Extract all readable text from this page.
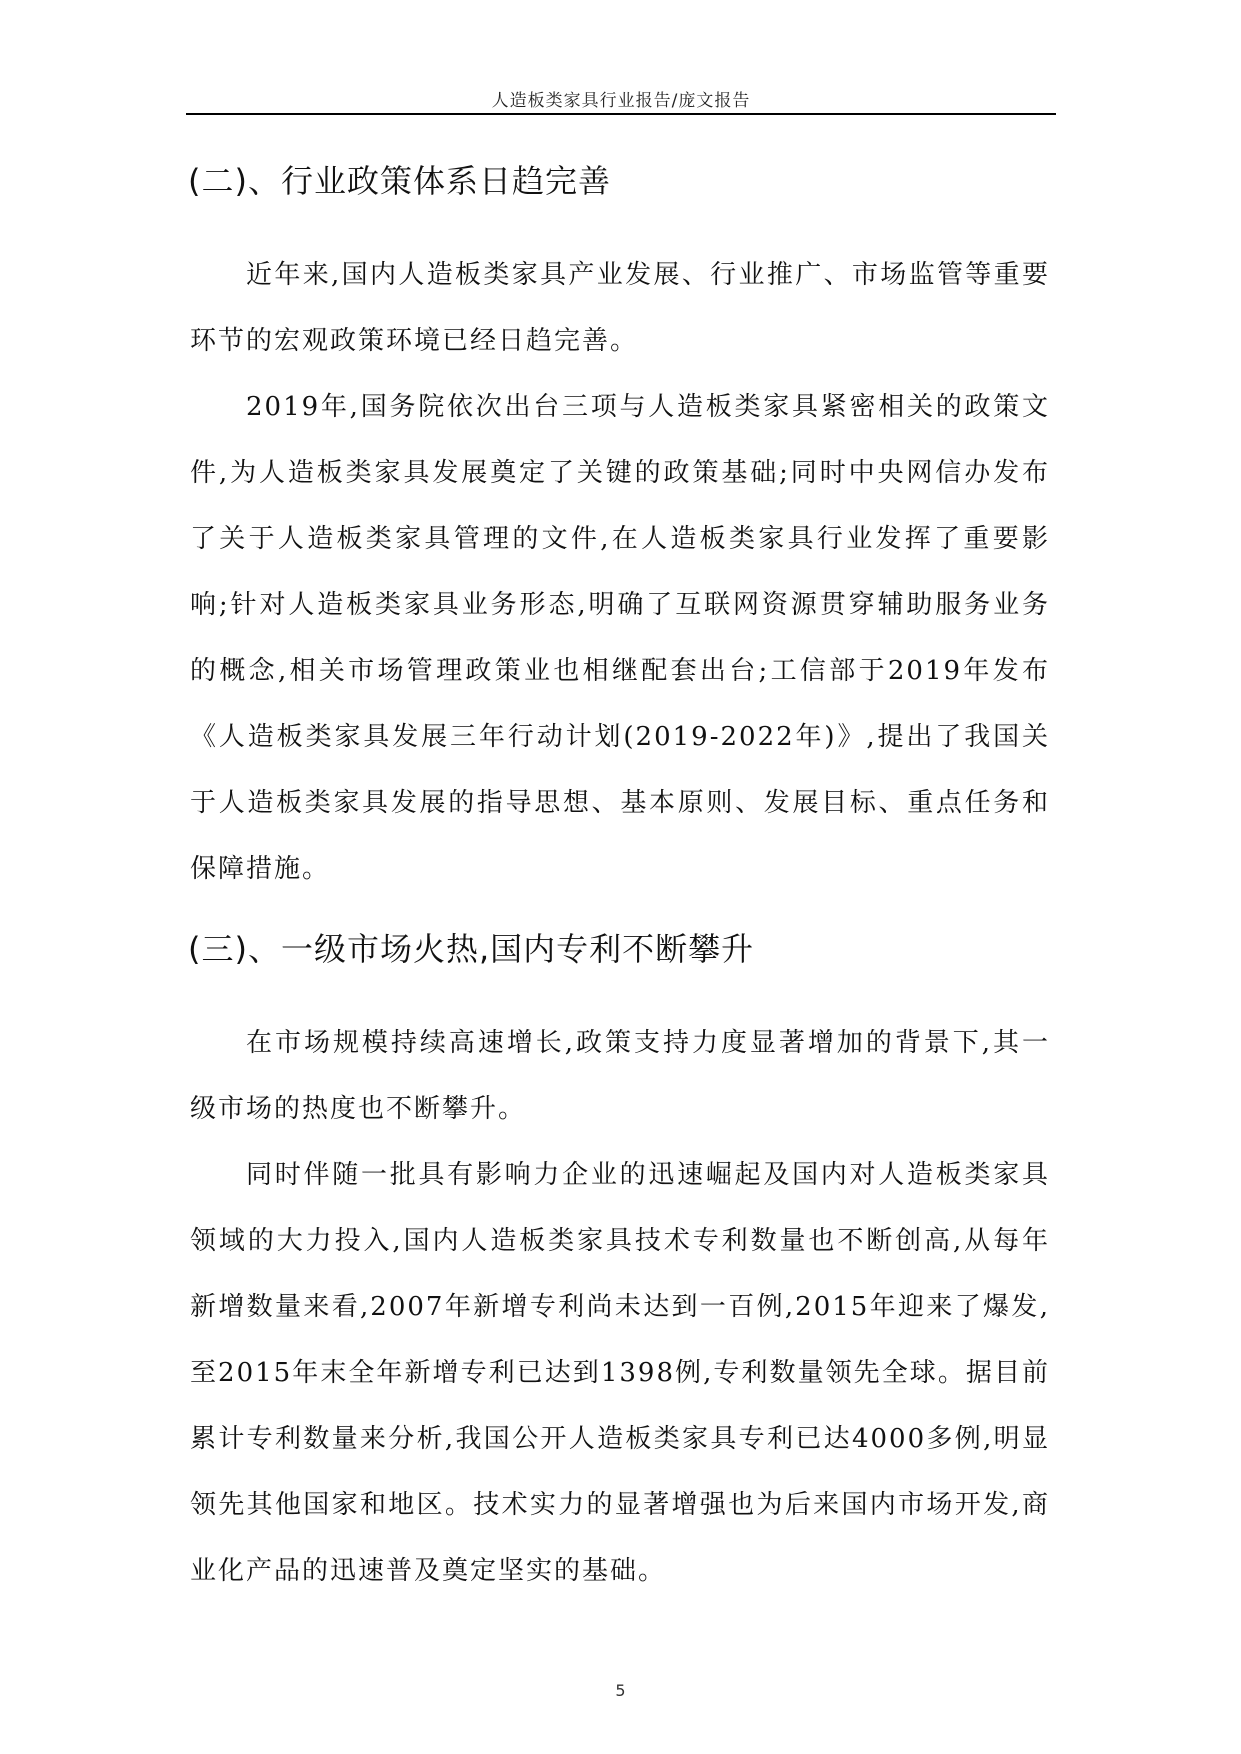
人造板类家具行业报告/庞文报告
(二)、行业政策体系日趋完善

近年来,国内人造板类家具产业发展、行业推广、市场监管等重要环节的宏观政策环境已经日趋完善。

2019年,国务院依次出台三项与人造板类家具紧密相关的政策文件,为人造板类家具发展奠定了关键的政策基础;同时中央网信办发布了关于人造板类家具管理的文件,在人造板类家具行业发挥了重要影响;针对人造板类家具业务形态,明确了互联网资源贯穿辅助服务业务的概念,相关市场管理政策业也相继配套出台;工信部于2019年发布《人造板类家具发展三年行动计划(2019-2022年)》,提出了我国关于人造板类家具发展的指导思想、基本原则、发展目标、重点任务和保障措施。

(三)、一级市场火热,国内专利不断攀升

在市场规模持续高速增长,政策支持力度显著增加的背景下,其一级市场的热度也不断攀升。

同时伴随一批具有影响力企业的迅速崛起及国内对人造板类家具领域的大力投入,国内人造板类家具技术专利数量也不断创高,从每年新增数量来看,2007年新增专利尚未达到一百例,2015年迎来了爆发,至2015年末全年新增专利已达到1398例,专利数量领先全球。据目前累计专利数量来分析,我国公开人造板类家具专利已达4000多例,明显领先其他国家和地区。技术实力的显著增强也为后来国内市场开发,商业化产品的迅速普及奠定坚实的基础。

5
